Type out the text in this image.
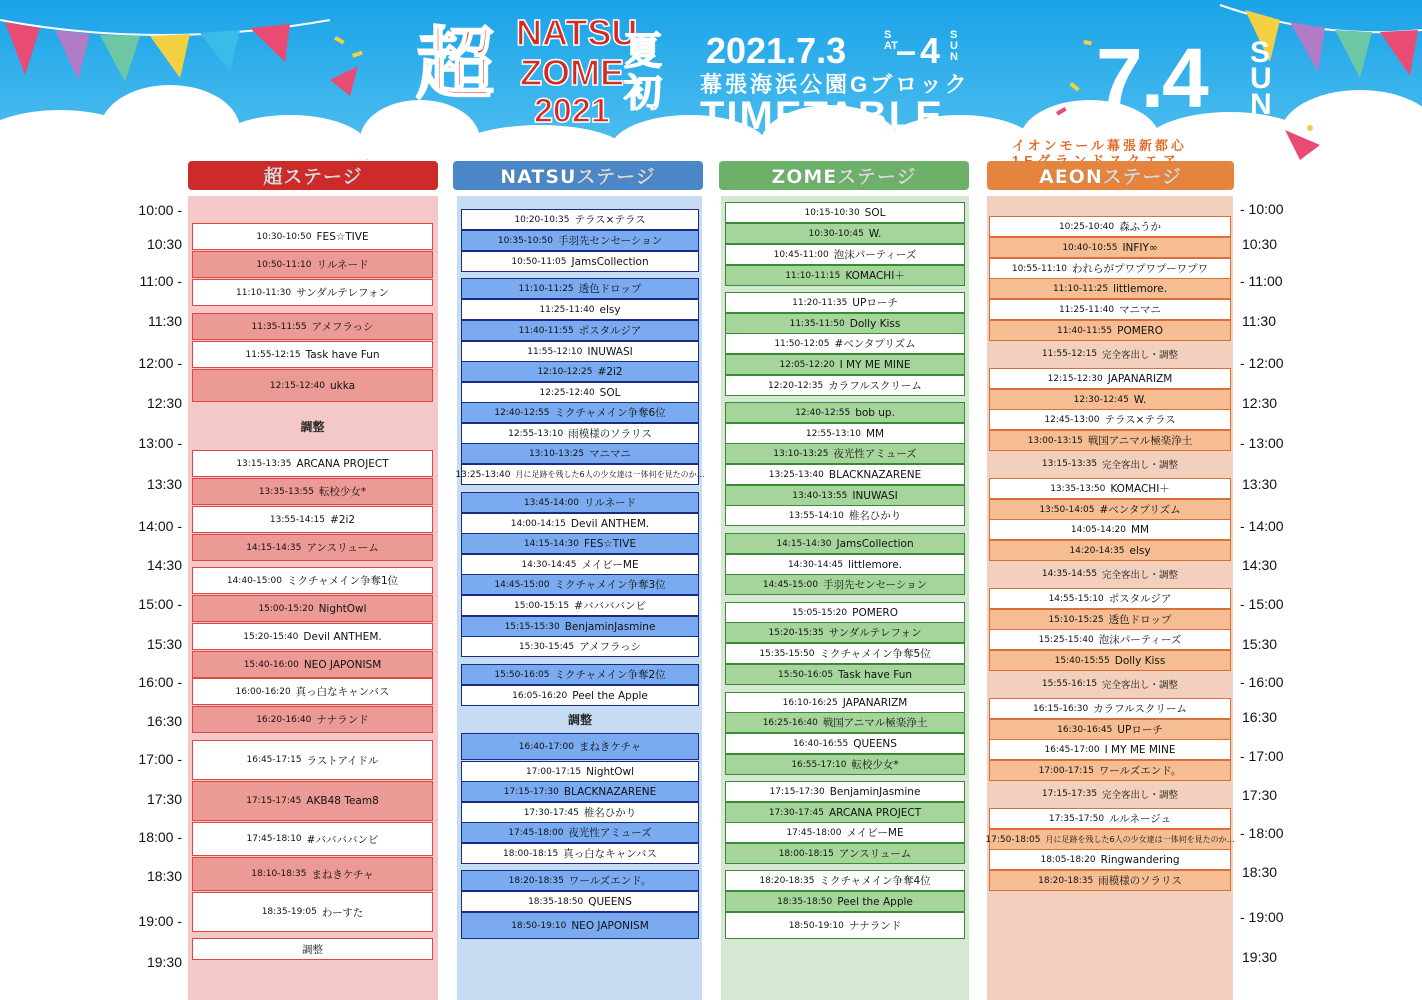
超 NATSU
ZOME
2021
夏初
2021.7.3	SAT
– 4 SUN
幕張海浜公園Gブロック
TIMETABLE 7.4 SUN
イオンモール幕張新都心
超ステージ
10:30-10:50 FES☆TIVE
10:50-11:10 リルネード
11:10-11:30 サンダルテレフォン
11:35-11:55 アメフラっシ
11:55-12:15 Task have Fun
12:15-12:40 ukka
調整
13:15-13:35 ARCANA PROJECT
13:35-13:55 転校少女*
13:55-14:15 #2i2
14:15-14:35 アンスリューム
14:40-15:00 ミクチャメイン争奪1位
15:00-15:20 NightOwl
15:20-15:40 Devil ANTHEM.
15:40-16:00 NEO JAPONISM
16:00-16:20 真っ白なキャンバス
16:20-16:40 ナナランド
16:45-17:15 ラストアイドル
17:15-17:45 AKB48 Team8
17:45-18:10 #ババババンビ
18:10-18:35 まねきケチャ
18:35-19:05 わーすた
調整
NATSUステージ
10:20-10:35 テラス×テラス
10:35-10:50 手羽先センセーション
10:50-11:05 JamsCollection
11:10-11:25 透色ドロップ
11:25-11:40 elsy
11:40-11:55 ポスタルジア
11:55-12:10 INUWASI
12:10-12:25 #2i2
12:25-12:40 SOL
12:40-12:55 ミクチャメイン争奪6位
12:55-13:10 雨模様のソラリス
13:10-13:25 マニマニ
13:25-13:40 月に足跡を残した6人の少女達は一体何を見たのか…
13:45-14:00 リルネード
14:00-14:15 Devil ANTHEM.
14:15-14:30 FES☆TIVE
14:30-14:45 メイビーME
14:45-15:00 ミクチャメイン争奪3位
15:00-15:15 #ババババンビ
15:15-15:30 BenjaminJasmine
15:30-15:45 アメフラっシ
15:50-16:05 ミクチャメイン争奪2位
16:05-16:20 Peel the Apple
調整
16:40-17:00 まねきケチャ
17:00-17:15 NightOwl
17:15-17:30 BLACKNAZARENE
17:30-17:45 椎名ひかり
17:45-18:00 夜光性アミューズ
18:00-18:15 真っ白なキャンバス
18:20-18:35 ワールズエンド。
18:35-18:50 QUEENS
18:50-19:10 NEO JAPONISM
ZOMEステージ
10:15-10:30 SOL
10:30-10:45 W.
10:45-11:00 泡沫パーティーズ
11:10-11:15 KOMACHI＋
11:20-11:35 UPローチ
11:35-11:50 Dolly Kiss
11:50-12:05 #ベンタプリズム
12:05-12:20 I MY ME MINE
12:20-12:35 カラフルスクリーム
12:40-12:55 bob up.
12:55-13:10 MM
13:10-13:25 夜光性アミューズ
13:25-13:40 BLACKNAZARENE
13:40-13:55 INUWASI
13:55-14:10 椎名ひかり
14:15-14:30 JamsCollection
14:30-14:45 littlemore.
14:45-15:00 手羽先センセーション
15:05-15:20 POMERO
15:20-15:35 サンダルテレフォン
15:35-15:50 ミクチャメイン争奪5位
15:50-16:05 Task have Fun
16:10-16:25 JAPANARIZM
16:25-16:40 戦国アニマル極楽浄土
16:40-16:55 QUEENS
16:55-17:10 転校少女*
17:15-17:30 BenjaminJasmine
17:30-17:45 ARCANA PROJECT
17:45-18:00 メイビーME
18:00-18:15 アンスリューム
18:20-18:35 ミクチャメイン争奪4位
18:35-18:50 Peel the Apple
18:50-19:10 ナナランド
AEONステージ
10:25-10:40 森ふうか
10:40-10:55 INFIY∞
10:55-11:10 われらがプワプワプーワプワ
11:10-11:25 littlemore.
11:25-11:40 マニマニ
11:40-11:55 POMERO
11:55-12:15 完全客出し・調整
12:15-12:30 JAPANARIZM
12:30-12:45 W.
12:45-13:00 テラス×テラス
13:00-13:15 戦国アニマル極楽浄土
13:15-13:35 完全客出し・調整
13:35-13:50 KOMACHI＋
13:50-14:05 #ベンタプリズム
14:05-14:20 MM
14:20-14:35 elsy
14:35-14:55 完全客出し・調整
14:55-15:10 ポスタルジア
15:10-15:25 透色ドロップ
15:25-15:40 泡沫パーティーズ
15:40-15:55 Dolly Kiss
15:55-16:15 完全客出し・調整
16:15-16:30 カラフルスクリーム
16:30-16:45 UPローチ
16:45-17:00 I MY ME MINE
17:00-17:15 ワールズエンド。
17:15-17:35 完全客出し・調整
17:35-17:50 ルルネージュ
17:50-18:05 月に足跡を残した6人の少女達は一体何を見たのか…
18:05-18:20 Ringwandering
18:20-18:35 雨模様のソラリス
10:00 -
10:30
11:00 -
11:30
12:00 -
12:30
13:00 -
13:30
14:00 -
14:30
15:00 -
15:30
16:00 -
16:30
17:00 -
17:30
18:00 -
18:30
19:00 -
19:30
- 10:00
10:30
- 11:00
11:30
- 12:00
12:30
- 13:00
13:30
- 14:00
14:30
- 15:00
15:30
- 16:00
16:30
- 17:00
17:30
- 18:00
18:30
- 19:00
19:30
